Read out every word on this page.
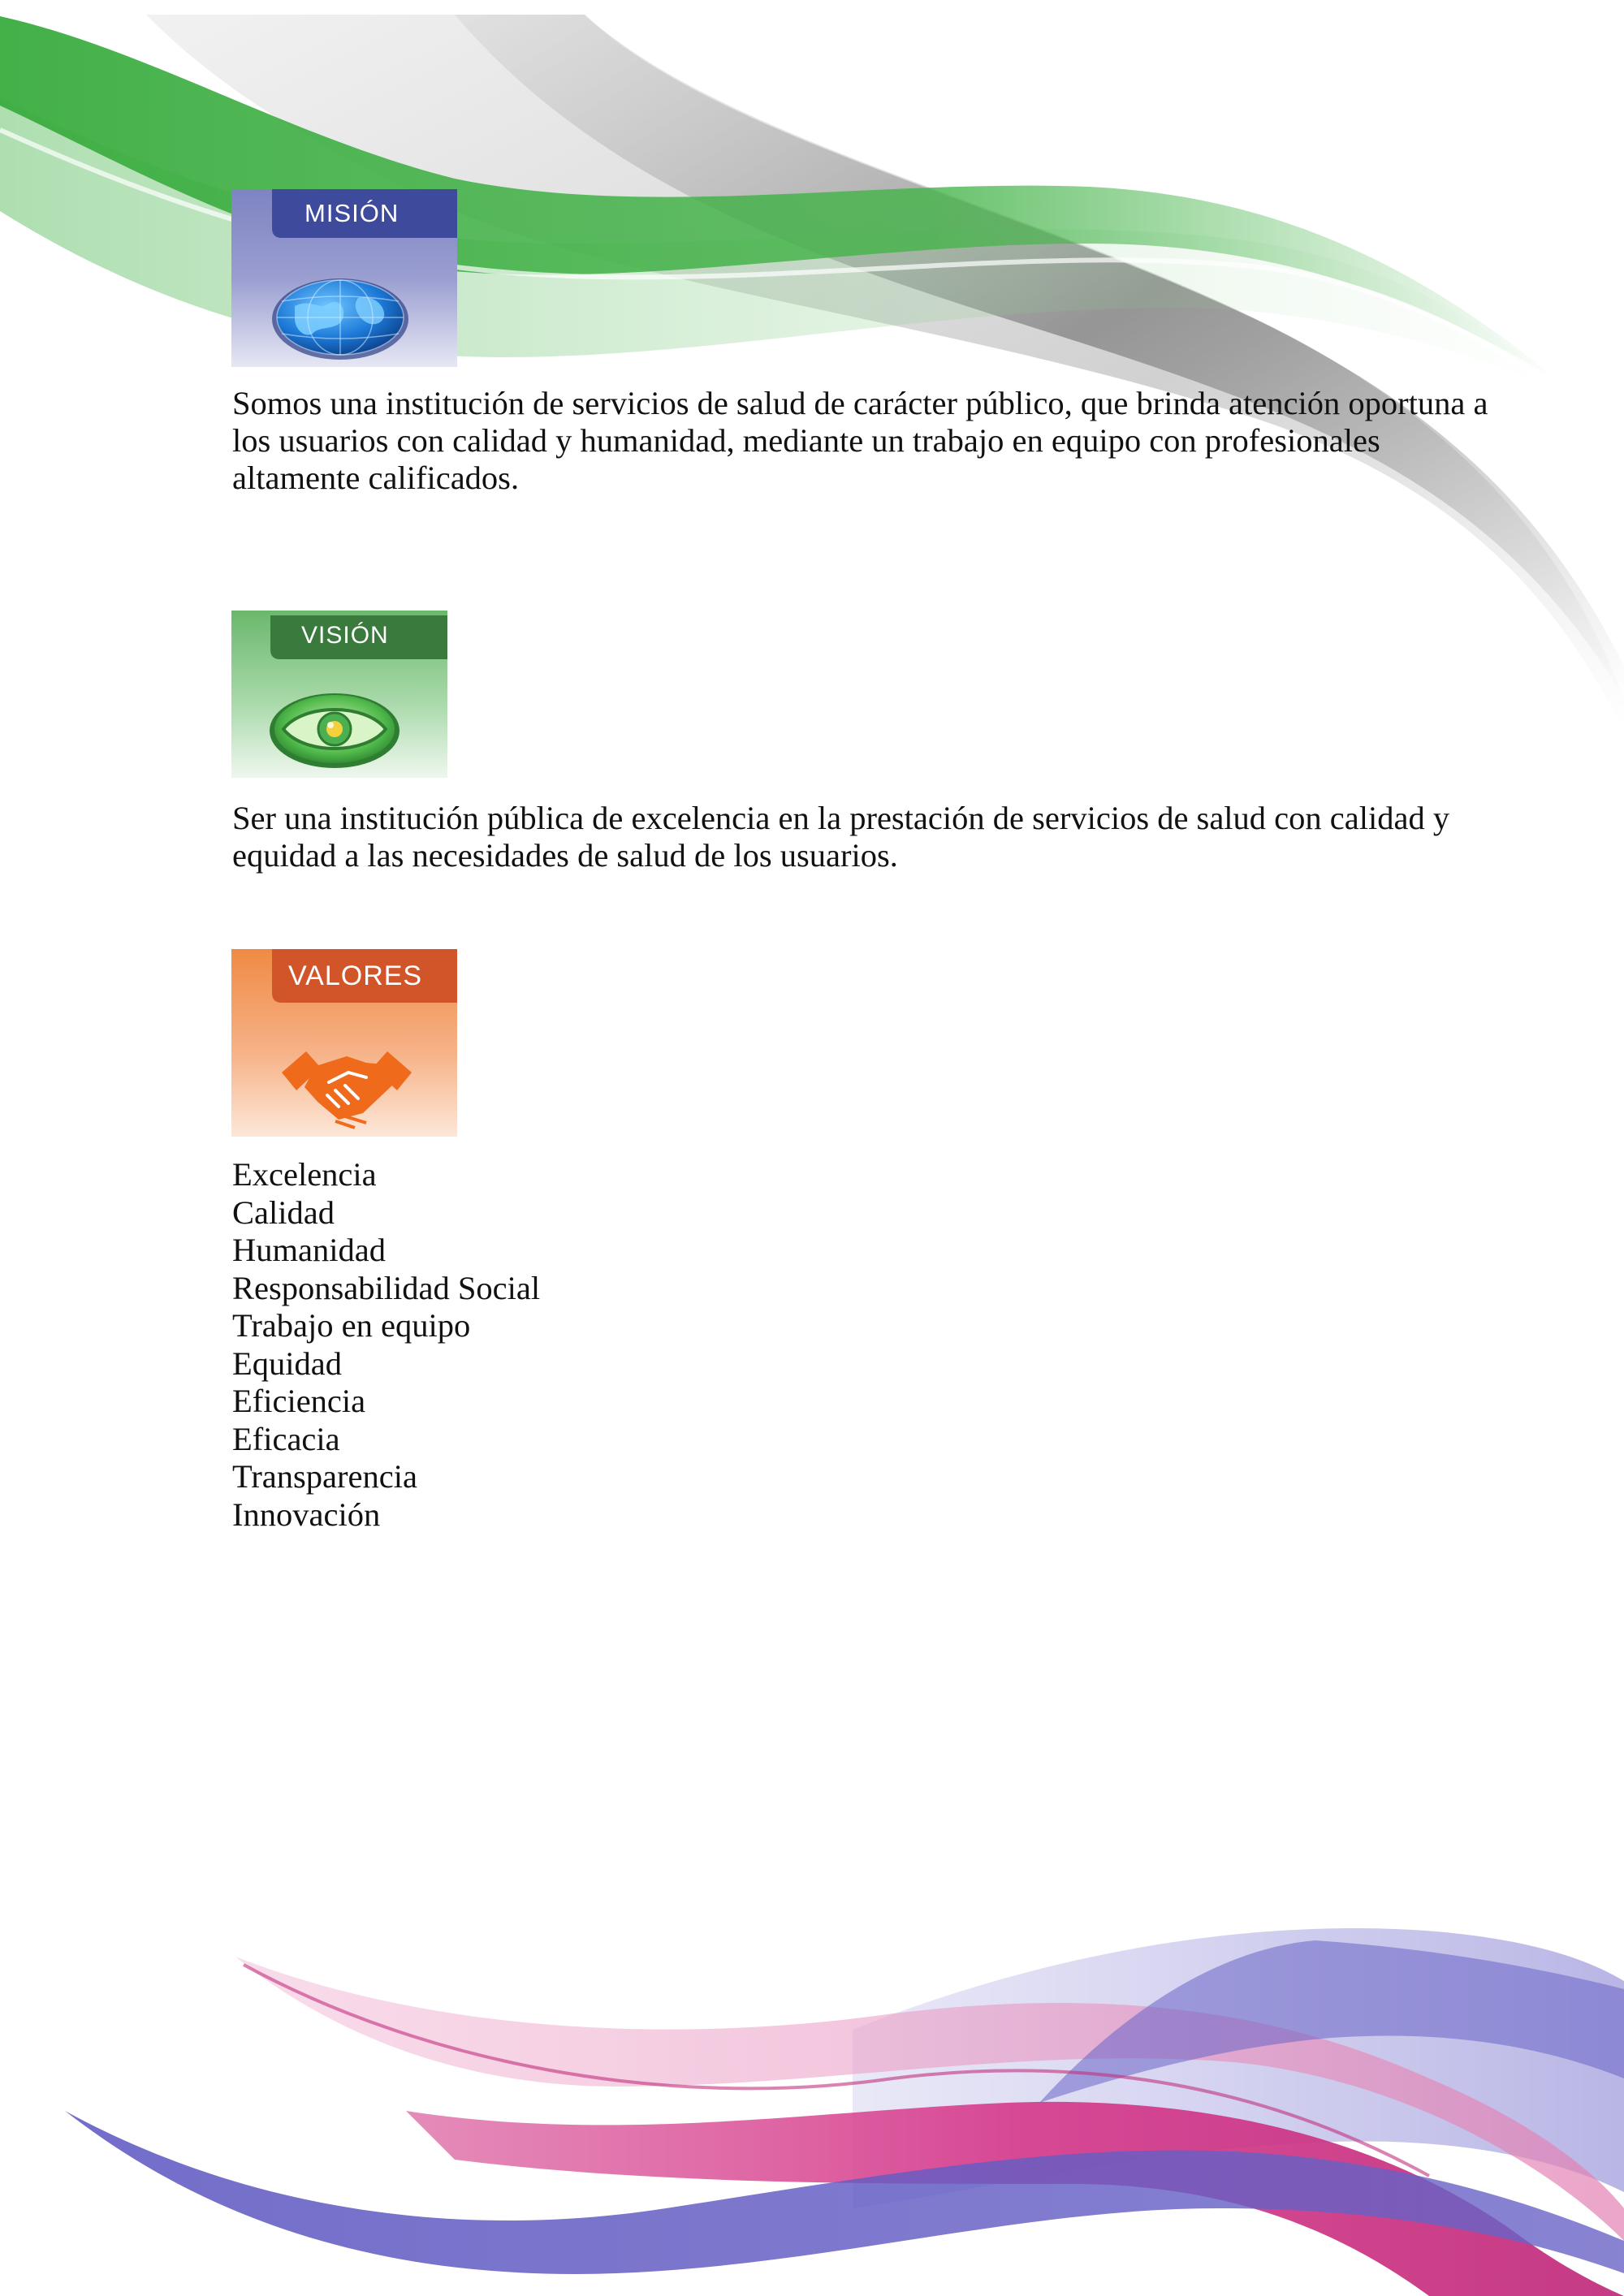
MISIÓN

Somos una institución de servicios de salud de carácter público, que brinda atención oportuna a los usuarios con calidad y humanidad, mediante un trabajo en equipo con profesionales altamente calificados.

VISIÓN

Ser una institución pública de excelencia en la prestación de servicios de salud con calidad y equidad a las necesidades de salud de los usuarios.

VALORES
Excelencia
Calidad
Humanidad
Responsabilidad Social
Trabajo en equipo
Equidad
Eficiencia
Eficacia
Transparencia
Innovación
